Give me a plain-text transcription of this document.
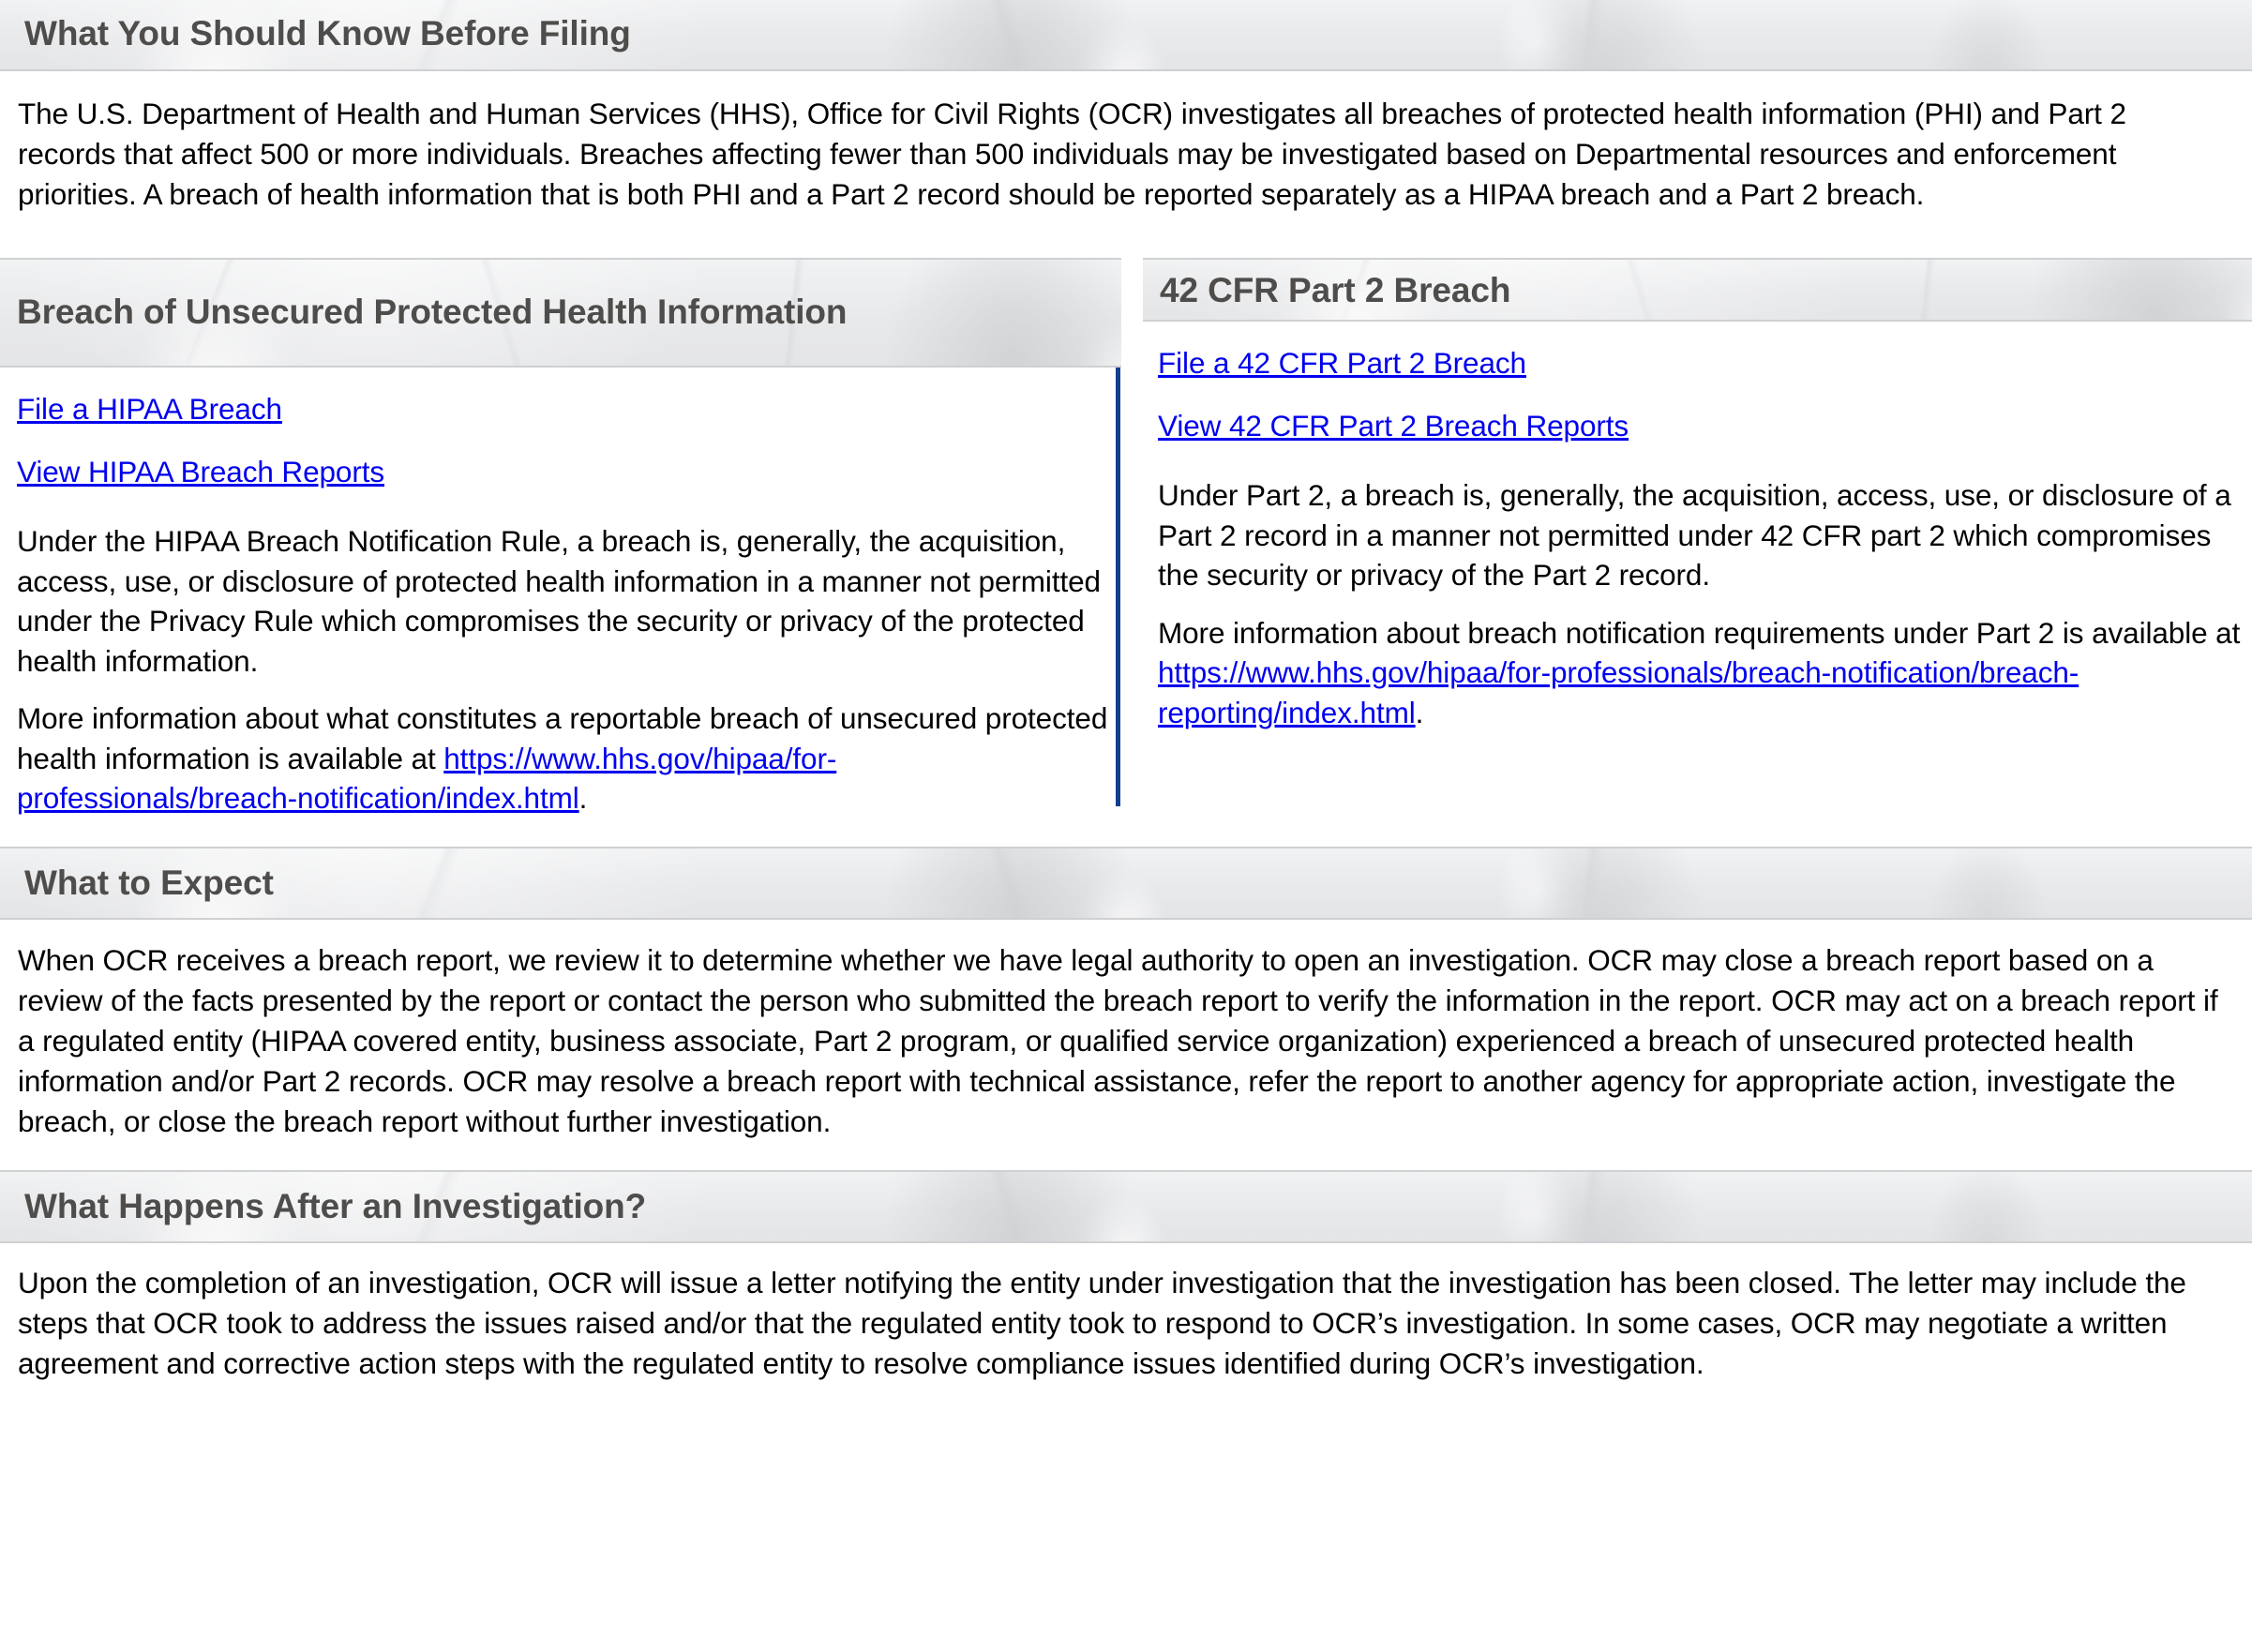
What You Should Know Before Filing
The U.S. Department of Health and Human Services (HHS), Office for Civil Rights (OCR) investigates all breaches of protected health information (PHI) and Part 2 records that affect 500 or more individuals. Breaches affecting fewer than 500 individuals may be investigated based on Departmental resources and enforcement priorities. A breach of health information that is both PHI and a Part 2 record should be reported separately as a HIPAA breach and a Part 2 breach.
Breach of Unsecured Protected Health Information
File a HIPAA Breach
View HIPAA Breach Reports
Under the HIPAA Breach Notification Rule, a breach is, generally, the acquisition, access, use, or disclosure of protected health information in a manner not permitted under the Privacy Rule which compromises the security or privacy of the protected health information.
More information about what constitutes a reportable breach of unsecured protected health information is available at https://www.hhs.gov/hipaa/for-professionals/breach-notification/index.html.
42 CFR Part 2 Breach
File a 42 CFR Part 2 Breach
View 42 CFR Part 2 Breach Reports
Under Part 2, a breach is, generally, the acquisition, access, use, or disclosure of a Part 2 record in a manner not permitted under 42 CFR part 2 which compromises the security or privacy of the Part 2 record.
More information about breach notification requirements under Part 2 is available at https://www.hhs.gov/hipaa/for-professionals/breach-notification/breach-reporting/index.html.
What to Expect
When OCR receives a breach report, we review it to determine whether we have legal authority to open an investigation. OCR may close a breach report based on a review of the facts presented by the report or contact the person who submitted the breach report to verify the information in the report. OCR may act on a breach report if a regulated entity (HIPAA covered entity, business associate, Part 2 program, or qualified service organization) experienced a breach of unsecured protected health information and/or Part 2 records. OCR may resolve a breach report with technical assistance, refer the report to another agency for appropriate action, investigate the breach, or close the breach report without further investigation.
What Happens After an Investigation?
Upon the completion of an investigation, OCR will issue a letter notifying the entity under investigation that the investigation has been closed. The letter may include the steps that OCR took to address the issues raised and/or that the regulated entity took to respond to OCR’s investigation. In some cases, OCR may negotiate a written agreement and corrective action steps with the regulated entity to resolve compliance issues identified during OCR’s investigation.
